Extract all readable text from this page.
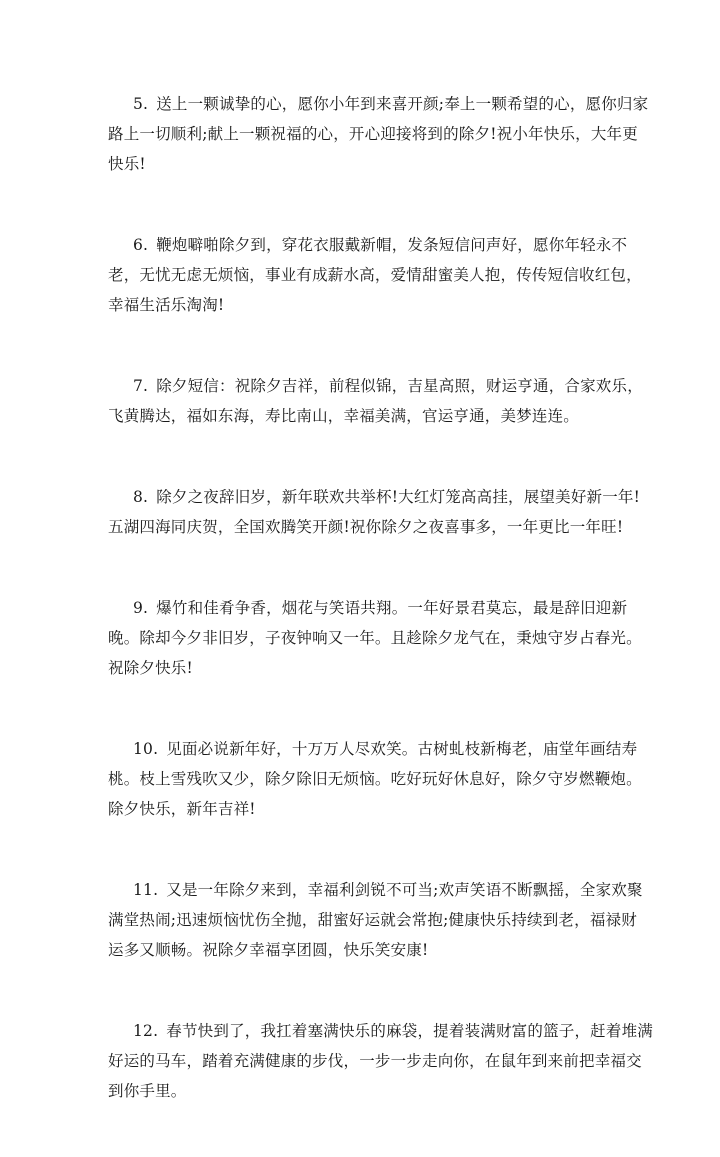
5. 送上一颗诚挚的心，愿你小年到来喜开颜;奉上一颗希望的心，愿你归家
路上一切顺利;献上一颗祝福的心，开心迎接将到的除夕!祝小年快乐，大年更
快乐!
6. 鞭炮噼啪除夕到，穿花衣服戴新帽，发条短信问声好，愿你年轻永不
老，无忧无虑无烦恼，事业有成薪水高，爱情甜蜜美人抱，传传短信收红包，
幸福生活乐淘淘!
7. 除夕短信：祝除夕吉祥，前程似锦，吉星高照，财运亨通，合家欢乐，
飞黄腾达，福如东海，寿比南山，幸福美满，官运亨通，美梦连连。
8. 除夕之夜辞旧岁，新年联欢共举杯!大红灯笼高高挂，展望美好新一年!
五湖四海同庆贺，全国欢腾笑开颜!祝你除夕之夜喜事多，一年更比一年旺!
9. 爆竹和佳肴争香，烟花与笑语共翔。一年好景君莫忘，最是辞旧迎新
晚。除却今夕非旧岁，子夜钟响又一年。且趁除夕龙气在，秉烛守岁占春光。
祝除夕快乐!
10. 见面必说新年好，十万万人尽欢笑。古树虬枝新梅老，庙堂年画结寿
桃。枝上雪残吹又少，除夕除旧无烦恼。吃好玩好休息好，除夕守岁燃鞭炮。
除夕快乐，新年吉祥!
11. 又是一年除夕来到，幸福利剑锐不可当;欢声笑语不断飘摇，全家欢聚
满堂热闹;迅速烦恼忧伤全抛，甜蜜好运就会常抱;健康快乐持续到老，福禄财
运多又顺畅。祝除夕幸福享团圆，快乐笑安康!
12. 春节快到了，我扛着塞满快乐的麻袋，提着装满财富的篮子，赶着堆满
好运的马车，踏着充满健康的步伐，一步一步走向你，在鼠年到来前把幸福交
到你手里。
